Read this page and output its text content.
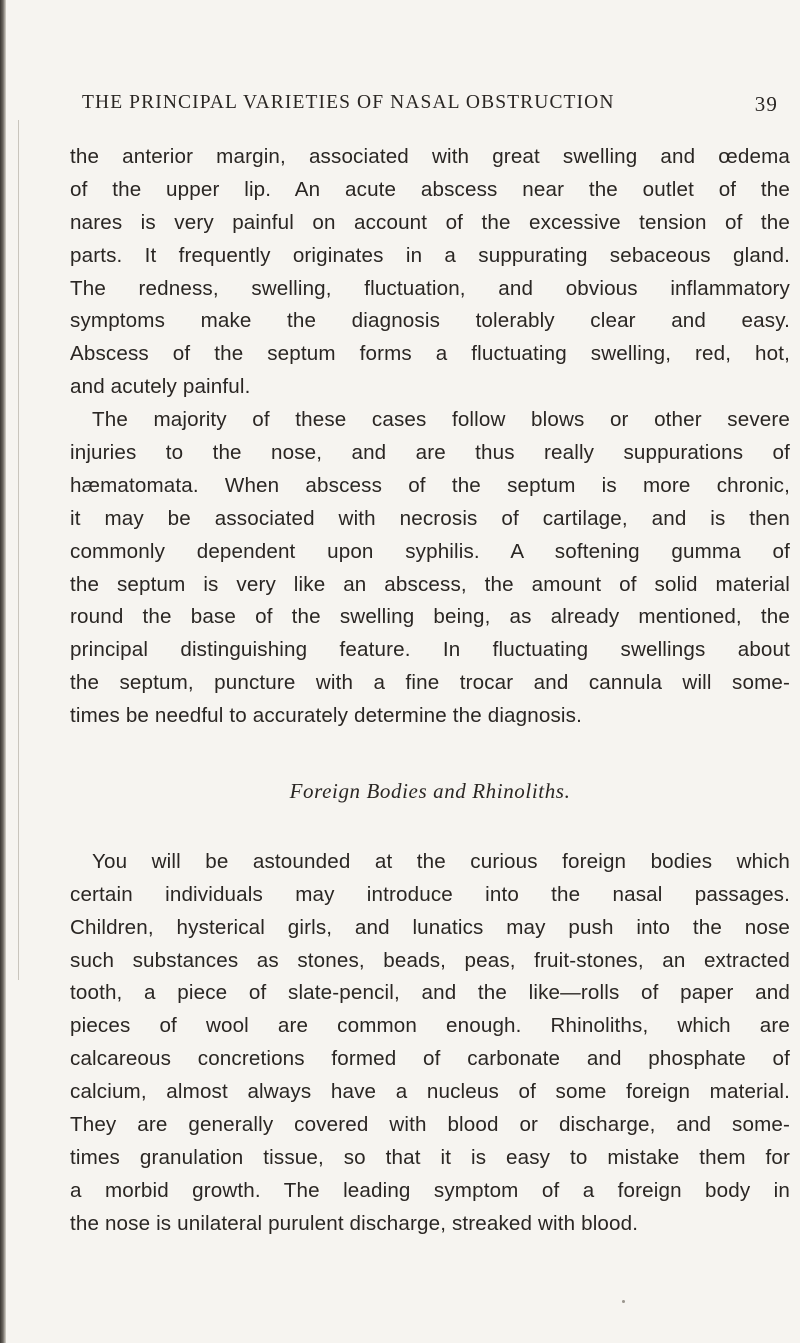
THE PRINCIPAL VARIETIES OF NASAL OBSTRUCTION	39
the anterior margin, associated with great swelling and œdema
of the upper lip. An acute abscess near the outlet of the
nares is very painful on account of the excessive tension of the
parts. It frequently originates in a suppurating sebaceous gland.
The redness, swelling, fluctuation, and obvious inflammatory
symptoms make the diagnosis tolerably clear and easy.
Abscess of the septum forms a fluctuating swelling, red, hot,
and acutely painful.
The majority of these cases follow blows or other severe
injuries to the nose, and are thus really suppurations of
hæmatomata. When abscess of the septum is more chronic,
it may be associated with necrosis of cartilage, and is then
commonly dependent upon syphilis. A softening gumma of
the septum is very like an abscess, the amount of solid material
round the base of the swelling being, as already mentioned, the
principal distinguishing feature. In fluctuating swellings about
the septum, puncture with a fine trocar and cannula will some-
times be needful to accurately determine the diagnosis.
Foreign Bodies and Rhinoliths.
You will be astounded at the curious foreign bodies which
certain individuals may introduce into the nasal passages.
Children, hysterical girls, and lunatics may push into the nose
such substances as stones, beads, peas, fruit-stones, an extracted
tooth, a piece of slate-pencil, and the like—rolls of paper and
pieces of wool are common enough. Rhinoliths, which are
calcareous concretions formed of carbonate and phosphate of
calcium, almost always have a nucleus of some foreign material.
They are generally covered with blood or discharge, and some-
times granulation tissue, so that it is easy to mistake them for
a morbid growth. The leading symptom of a foreign body in
the nose is unilateral purulent discharge, streaked with blood.
